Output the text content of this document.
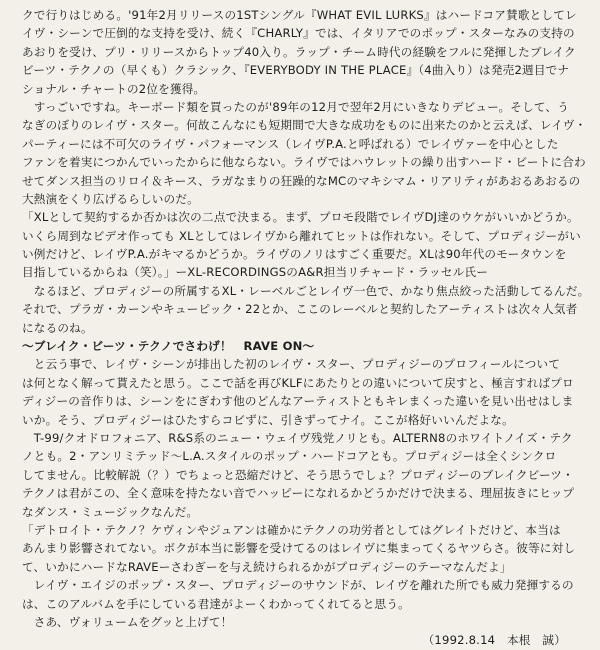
クで行りはじめる。'91年2月リリースの1STシングル『WHAT EVIL LURKS』はハードコア賛歌としてレ
イヴ・シーンで圧倒的な支持を受け、続く『CHARLY』では、イタリアでのポップ・スターなみの支持の
あおりを受け、プリ・リリースからトップ40入り。ラップ・チーム時代の経験をフルに発揮したブレイク
ビーツ・テクノの（早くも）クラシック、『EVERYBODY IN THE PLACE』（4曲入り）は発売2週目でナ
ショナル・チャートの2位を獲得。
　すっごいですね。キーボード類を買ったのが'89年の12月で翌年2月にいきなりデビュー。そして、う
なぎのぼりのレイヴ・スター。何故こんなにも短期間で大きな成功をものに出来たのかと云えば、レイヴ・
パーティーには不可欠のライヴ・パフォーマンス（レイヴP.A.と呼ばれる）でレイヴァーを中心とした
ファンを着実につかんでいったからに他ならない。ライヴではハウレットの繰り出すハード・ビートに合わ
せてダンス担当のリロイ＆キース、ラガなまりの狂躁的なMCのマキシマム・リアリティがあおるあおるの
大熱演をくり広げるらしいのだ。
「XLとして契約するか否かは次の二点で決まる。まず、プロモ段階でレイヴDJ達のウケがいいかどうか。
いくら周到なビデオ作っても XLとしてはレイヴから離れてヒットは作れない。そして、プロディジーがい
い例だけど、レイヴP.A.がキマるかどうか。ライヴのノリはすごく重要だ。XLは90年代のモータウンを
目指しているからね（笑）。」ーXL-RECORDINGSのA&R担当リチャード・ラッセル氏ー
　なるほど、プロディジーの所属するXL・レーベルごとレイヴ一色で、かなり焦点絞った活動してるんだ。
それで、プラガ・カーンやキューピック・22とか、ここのレーベルと契約したアーティストは次々人気者
になるのね。
〜ブレイク・ビーツ・テクノでさわげ！　RAVE ON〜
　と云う事で、レイヴ・シーンが排出した初のレイヴ・スター、プロディジーのプロフィールについて
は何となく解って貰えたと思う。ここで話を再びKLFにあたりとの違いについて戻すと、極言すればプロ
ディジーの音作りは、シーンをにぎわす他のどんなアーティストともキレまくった違いを見い出せはしま
いか。そう、プロディジーはひたすらコビずに、引きずってナイ。ここが格好いいんだよな。
　T-99/クオドロフォニア、R&S系のニュー・ウェイヴ残党ノリとも。ALTERN8のホワイトノイズ・テク
ノとも。2・アンリミテッド〜L.A.スタイルのポップ・ハードコアとも。プロディジーは全くシンクロ
してません。比較解説（？）でちょっと恐縮だけど、そう思うでしょ？プロディジーのブレイクビーツ・
テクノは君がこの、全く意味を持たない音でハッピーになれるかどうかだけで決まる、理屈抜きにヒップ
なダンス・ミュージックなんだ。
「デトロイト・テクノ？ケヴィンやジュアンは確かにテクノの功労者としてはグレイトだけど、本当は
あんまり影響されてない。ボクが本当に影響を受けてるのはレイヴに集まってくるヤツらさ。彼等に対し
て、いかにハードなRAVEーさわぎーを与え続けられるかがプロディジーのテーマなんだよ」
　レイヴ・エイジのポップ・スター、プロディジーのサウンドが、レイヴを離れた所でも威力発揮するの
は、このアルバムを手にしている君達がよーくわかってくれてると思う。
　さあ、ヴォリュームをグッと上げて！
（1992.8.14　本根　誠）
